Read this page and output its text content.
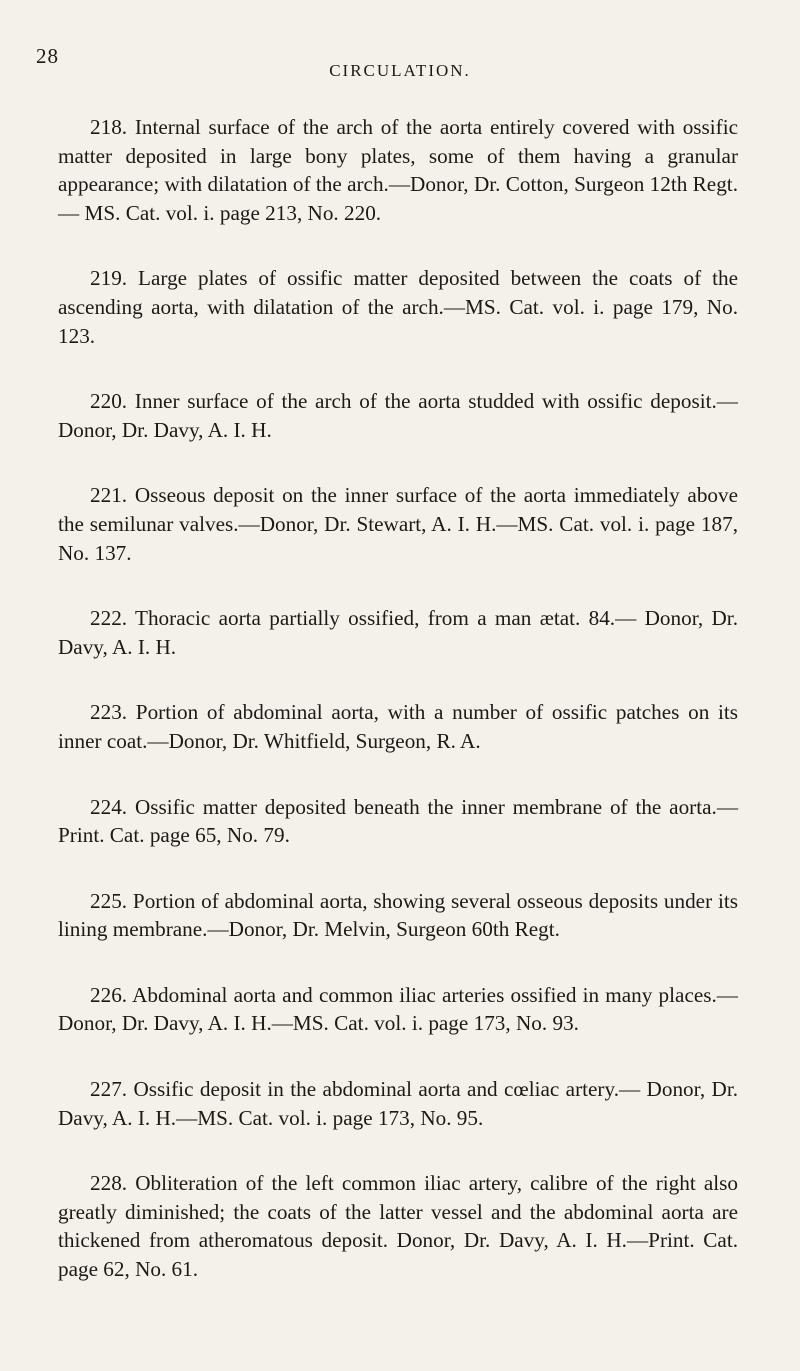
28
CIRCULATION.

218. Internal surface of the arch of the aorta entirely covered with ossific matter deposited in large bony plates, some of them having a granular appearance; with dilatation of the arch.—Donor, Dr. Cotton, Surgeon 12th Regt. — MS. Cat. vol. i. page 213, No. 220.

219. Large plates of ossific matter deposited between the coats of the ascending aorta, with dilatation of the arch.—MS. Cat. vol. i. page 179, No. 123.

220. Inner surface of the arch of the aorta studded with ossific deposit.—Donor, Dr. Davy, A. I. H.

221. Osseous deposit on the inner surface of the aorta immediately above the semilunar valves.—Donor, Dr. Stewart, A. I. H.—MS. Cat. vol. i. page 187, No. 137.

222. Thoracic aorta partially ossified, from a man ætat. 84.— Donor, Dr. Davy, A. I. H.

223. Portion of abdominal aorta, with a number of ossific patches on its inner coat.—Donor, Dr. Whitfield, Surgeon, R. A.

224. Ossific matter deposited beneath the inner membrane of the aorta.—Print. Cat. page 65, No. 79.

225. Portion of abdominal aorta, showing several osseous deposits under its lining membrane.—Donor, Dr. Melvin, Surgeon 60th Regt.

226. Abdominal aorta and common iliac arteries ossified in many places.—Donor, Dr. Davy, A. I. H.—MS. Cat. vol. i. page 173, No. 93.

227. Ossific deposit in the abdominal aorta and cœliac artery.— Donor, Dr. Davy, A. I. H.—MS. Cat. vol. i. page 173, No. 95.

228. Obliteration of the left common iliac artery, calibre of the right also greatly diminished; the coats of the latter vessel and the abdominal aorta are thickened from atheromatous deposit. Donor, Dr. Davy, A. I. H.—Print. Cat. page 62, No. 61.
